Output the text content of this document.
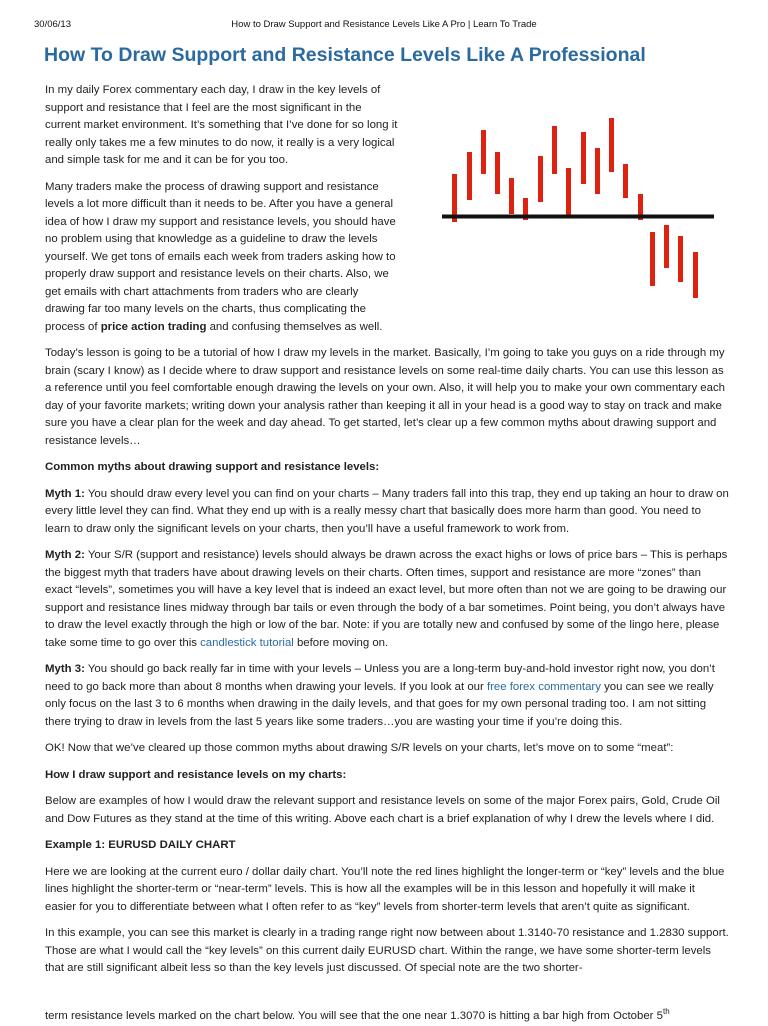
30/06/13	How to Draw Support and Resistance Levels Like A Pro | Learn To Trade
How To Draw Support and Resistance Levels Like A Professional

In my daily Forex commentary each day, I draw in the key levels of support and resistance that I feel are the most significant in the current market environment. It’s something that I’ve done for so long it really only takes me a few minutes to do now, it really is a very logical and simple task for me and it can be for you too.

Many traders make the process of drawing support and resistance levels a lot more difficult than it needs to be. After you have a general idea of how I draw my support and resistance levels, you should have no problem using that knowledge as a guideline to draw the levels yourself. We get tons of emails each week from traders asking how to properly draw support and resistance levels on their charts. Also, we get emails with chart attachments from traders who are clearly drawing far too many levels on the charts, thus complicating the process of price action trading and confusing themselves as well.

Today’s lesson is going to be a tutorial of how I draw my levels in the market. Basically, I’m going to take you guys on a ride through my brain (scary I know) as I decide where to draw support and resistance levels on some real-time daily charts. You can use this lesson as a reference until you feel comfortable enough drawing the levels on your own. Also, it will help you to make your own commentary each day of your favorite markets; writing down your analysis rather than keeping it all in your head is a good way to stay on track and make sure you have a clear plan for the week and day ahead. To get started, let’s clear up a few common myths about drawing support and resistance levels…

Common myths about drawing support and resistance levels:

Myth 1: You should draw every level you can find on your charts – Many traders fall into this trap, they end up taking an hour to draw on every little level they can find. What they end up with is a really messy chart that basically does more harm than good. You need to learn to draw only the significant levels on your charts, then you’ll have a useful framework to work from.

Myth 2: Your S/R (support and resistance) levels should always be drawn across the exact highs or lows of price bars – This is perhaps the biggest myth that traders have about drawing levels on their charts. Often times, support and resistance are more “zones” than exact “levels”, sometimes you will have a key level that is indeed an exact level, but more often than not we are going to be drawing our support and resistance lines midway through bar tails or even through the body of a bar sometimes. Point being, you don’t always have to draw the level exactly through the high or low of the bar. Note: if you are totally new and confused by some of the lingo here, please take some time to go over this candlestick tutorial before moving on.

Myth 3: You should go back really far in time with your levels – Unless you are a long-term buy-and-hold investor right now, you don’t need to go back more than about 8 months when drawing your levels. If you look at our free forex commentary you can see we really only focus on the last 3 to 6 months when drawing in the daily levels, and that goes for my own personal trading too. I am not sitting there trying to draw in levels from the last 5 years like some traders…you are wasting your time if you’re doing this.

OK! Now that we’ve cleared up those common myths about drawing S/R levels on your charts, let’s move on to some “meat”:

How I draw support and resistance levels on my charts:

Below are examples of how I would draw the relevant support and resistance levels on some of the major Forex pairs, Gold, Crude Oil and Dow Futures as they stand at the time of this writing. Above each chart is a brief explanation of why I drew the levels where I did.

Example 1: EURUSD DAILY CHART

Here we are looking at the current euro / dollar daily chart. You’ll note the red lines highlight the longer-term or “key” levels and the blue lines highlight the shorter-term or “near-term” levels. This is how all the examples will be in this lesson and hopefully it will make it easier for you to differentiate between what I often refer to as “key” levels from shorter-term levels that aren’t quite as significant.

In this example, you can see this market is clearly in a trading range right now between about 1.3140-70 resistance and 1.2830 support. Those are what I would call the “key levels” on this current daily EURUSD chart. Within the range, we have some shorter-term levels that are still significant albeit less so than the key levels just discussed. Of special note are the two shorter-

term resistance levels marked on the chart below. You will see that the one near 1.3070 is hitting a bar high from October 5th
